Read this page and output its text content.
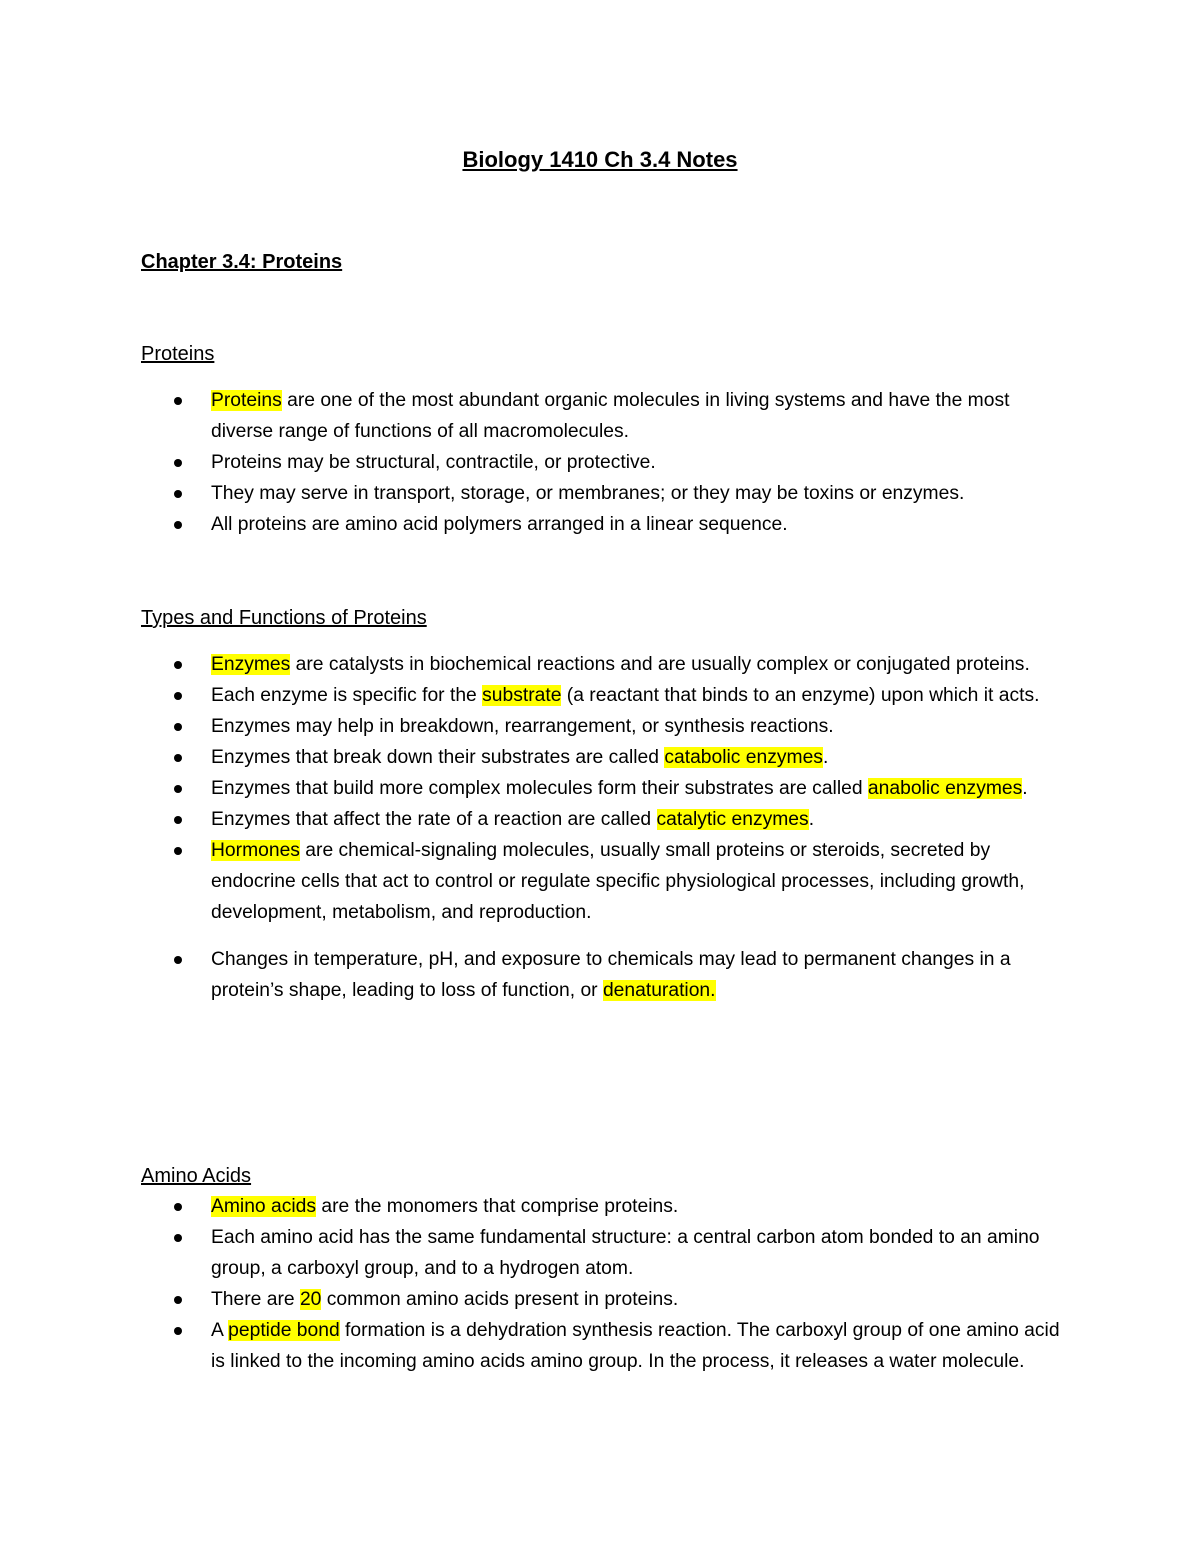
Biology 1410 Ch 3.4 Notes
Chapter 3.4: Proteins
Proteins
Proteins are one of the most abundant organic molecules in living systems and have the most diverse range of functions of all macromolecules.
Proteins may be structural, contractile, or protective.
They may serve in transport, storage, or membranes; or they may be toxins or enzymes.
All proteins are amino acid polymers arranged in a linear sequence.
Types and Functions of Proteins
Enzymes are catalysts in biochemical reactions and are usually complex or conjugated proteins.
Each enzyme is specific for the substrate (a reactant that binds to an enzyme) upon which it acts.
Enzymes may help in breakdown, rearrangement, or synthesis reactions.
Enzymes that break down their substrates are called catabolic enzymes.
Enzymes that build more complex molecules form their substrates are called anabolic enzymes.
Enzymes that affect the rate of a reaction are called catalytic enzymes.
Hormones are chemical-signaling molecules, usually small proteins or steroids, secreted by endocrine cells that act to control or regulate specific physiological processes, including growth, development, metabolism, and reproduction.
Changes in temperature, pH, and exposure to chemicals may lead to permanent changes in a protein’s shape, leading to loss of function, or denaturation.
Amino Acids
Amino acids are the monomers that comprise proteins.
Each amino acid has the same fundamental structure: a central carbon atom bonded to an amino group, a carboxyl group, and to a hydrogen atom.
There are 20 common amino acids present in proteins.
A peptide bond formation is a dehydration synthesis reaction. The carboxyl group of one amino acid is linked to the incoming amino acids amino group. In the process, it releases a water molecule.
